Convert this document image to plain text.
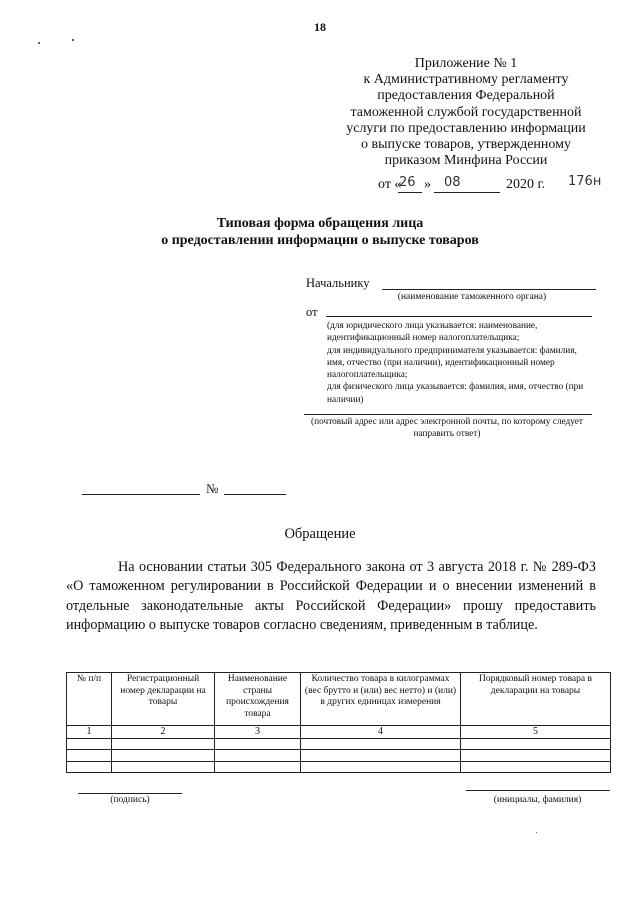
18
Приложение № 1
к Административному регламенту
предоставления Федеральной
таможенной службой государственной
услуги по предоставлению информации
о выпуске товаров, утвержденному
приказом Минфина России
от «
26 » 08	2020 г. 176н
Типовая форма обращения лица
о предоставлении информации о выпуске товаров
Начальнику
(наименование таможенного органа)
от
(для юридического лица указывается: наименование,
идентификационный номер налогоплательщика;
для индивидуального предпринимателя указывается: фамилия,
имя, отчество (при наличии), идентификационный номер
налогоплательщика;
для физического лица указывается: фамилия, имя, отчество (при
наличии)
(почтовый адрес или адрес электронной почты, по которому следует направить ответ)
№
Обращение
На основании статьи 305 Федерального закона от 3 августа 2018 г. № 289-ФЗ «О таможенном регулировании в Российской Федерации и о внесении изменений в отдельные законодательные акты Российской Федерации» прошу предоставить информацию о выпуске товаров согласно сведениям, приведенным в таблице.
№ п/п	Регистрационный номер декларации на товары	Наименование страны происхождения товара	Количество товара в килограммах (вес брутто и (или) вес нетто) и (или) в других единицах измерения	Порядковый номер товара в декларации на товары
1	2	3	4	5

(подпись)	(инициалы, фамилия)
